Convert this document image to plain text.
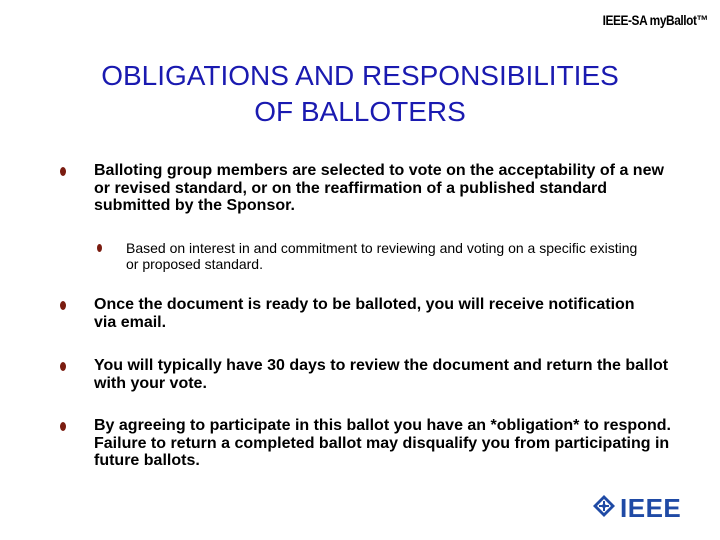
IEEE-SA myBallot™
OBLIGATIONS AND RESPONSIBILITIES
OF BALLOTERS
Balloting group members are selected to vote on the acceptability of a new or revised standard, or on the reaffirmation of a published standard submitted by the Sponsor.
Based on interest in and commitment to reviewing and voting on a specific existing or proposed standard.
Once the document is ready to be balloted, you will receive notification via email.
You will typically have 30 days to review the document and return the ballot with your vote.
By agreeing to participate in this ballot you have an *obligation* to respond. Failure to return a completed ballot may disqualify you from participating in future ballots.
IEEE
